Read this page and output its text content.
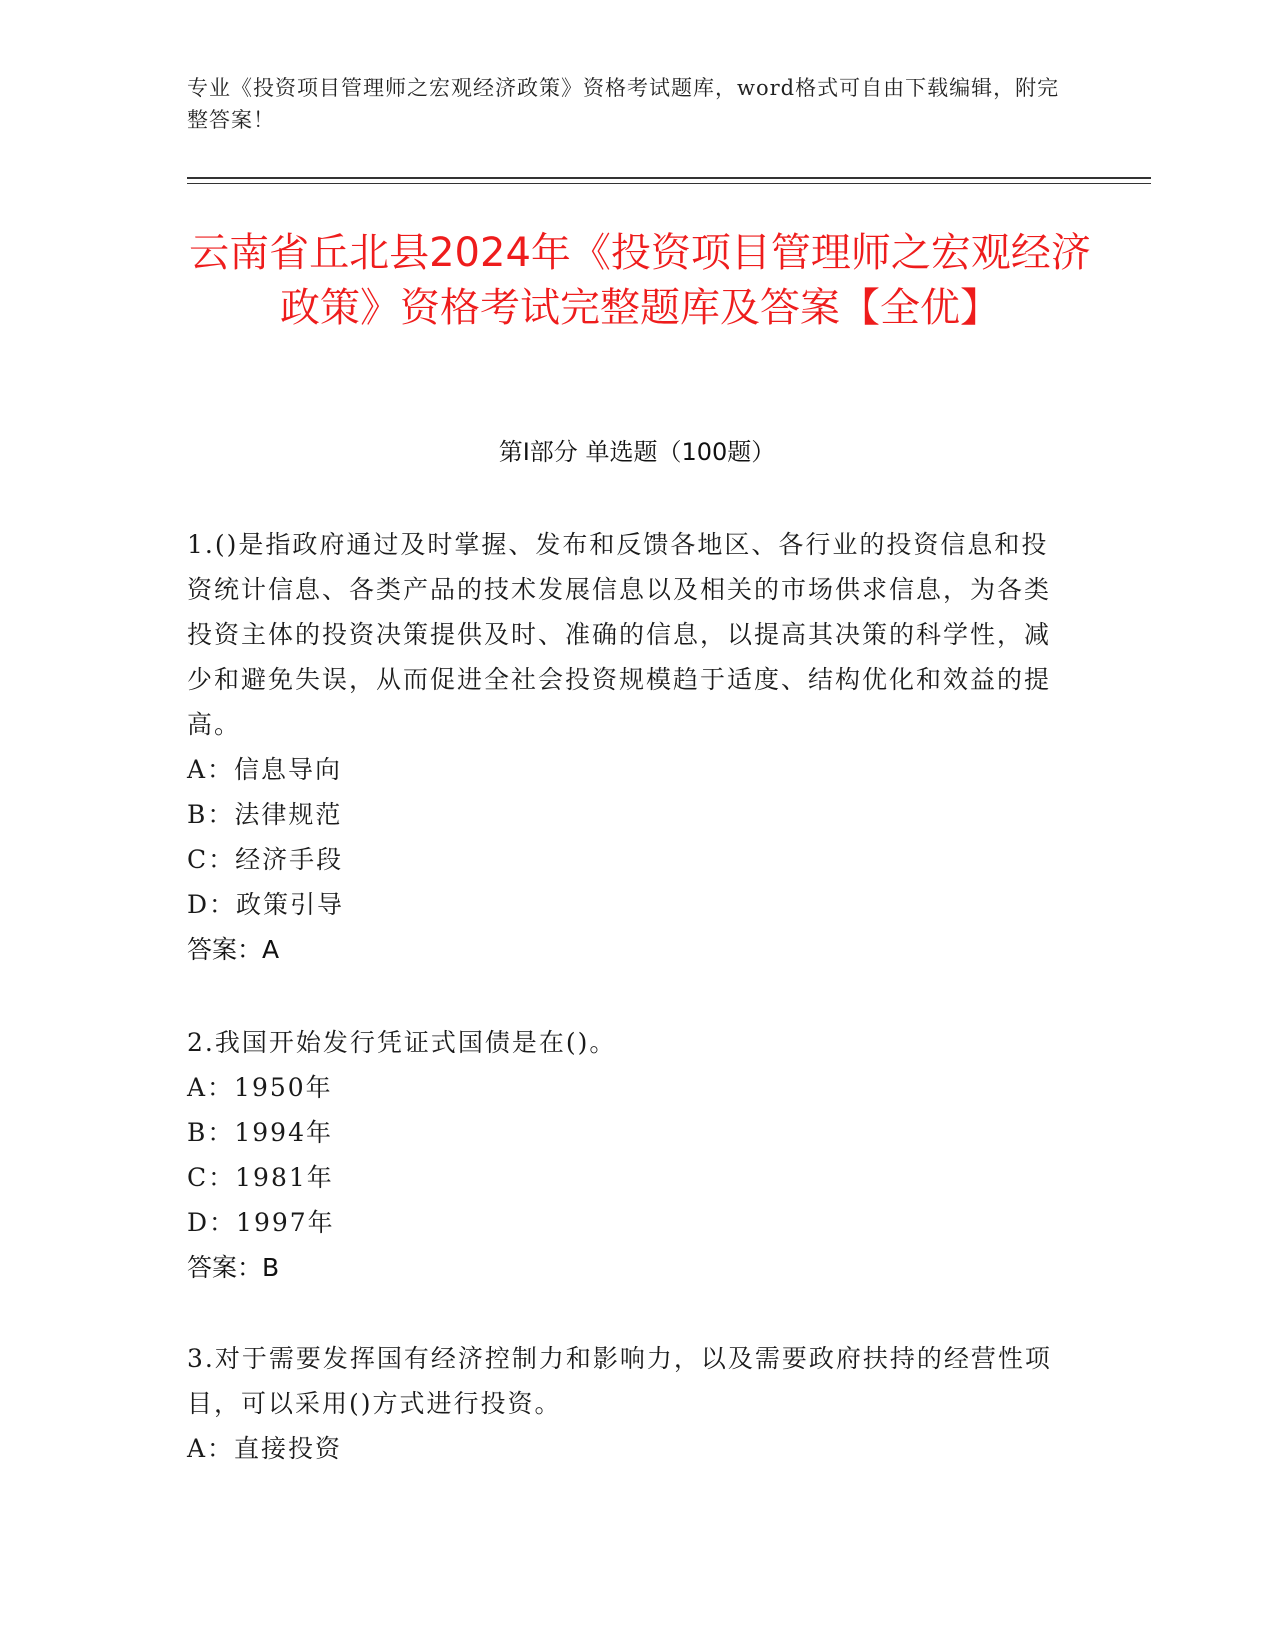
专业《投资项目管理师之宏观经济政策》资格考试题库，word格式可自由下载编辑，附完整答案！

云南省丘北县2024年《投资项目管理师之宏观经济政策》资格考试完整题库及答案【全优】
第I部分 单选题（100题）

1.()是指政府通过及时掌握、发布和反馈各地区、各行业的投资信息和投资统计信息、各类产品的技术发展信息以及相关的市场供求信息，为各类投资主体的投资决策提供及时、准确的信息，以提高其决策的科学性，减少和避免失误，从而促进全社会投资规模趋于适度、结构优化和效益的提高。

A：信息导向

B：法律规范

C：经济手段

D：政策引导

答案：A

2.我国开始发行凭证式国债是在()。

A：1950年

B：1994年

C：1981年

D：1997年

答案：B

3.对于需要发挥国有经济控制力和影响力，以及需要政府扶持的经营性项目，可以采用()方式进行投资。

A：直接投资
